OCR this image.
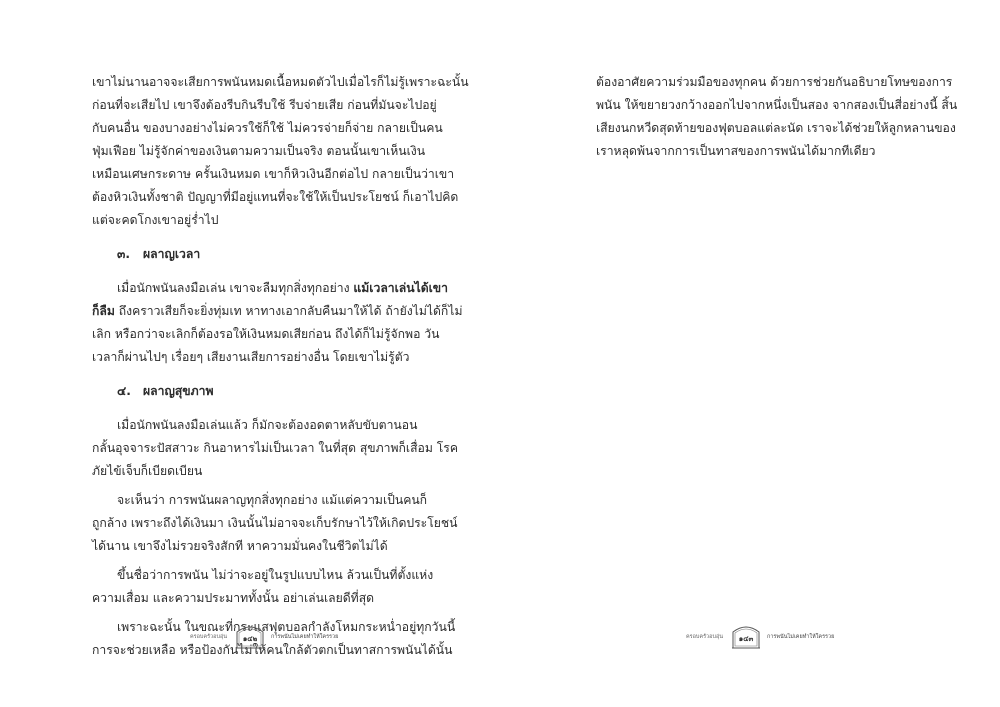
เขาไม่นานอาจจะเสียการพนันหมดเนื้อหมดตัวไปเมื่อไรก็ไม่รู้เพราะฉะนั้น
ก่อนที่จะเสียไป เขาจึงต้องรีบกินรีบใช้ รีบจ่ายเสีย ก่อนที่มันจะไปอยู่
กับคนอื่น ของบางอย่างไม่ควรใช้ก็ใช้ ไม่ควรจ่ายก็จ่าย กลายเป็นคน
ฟุ่มเฟือย ไม่รู้จักค่าของเงินตามความเป็นจริง ตอนนั้นเขาเห็นเงิน
เหมือนเศษกระดาษ ครั้นเงินหมด เขาก็หิวเงินอีกต่อไป กลายเป็นว่าเขา
ต้องหิวเงินทั้งชาติ ปัญญาที่มีอยู่แทนที่จะใช้ให้เป็นประโยชน์ ก็เอาไปคิด
แต่จะคดโกงเขาอยู่ร่ำไป
๓. ผลาญเวลา
เมื่อนักพนันลงมือเล่น เขาจะลืมทุกสิ่งทุกอย่าง แม้เวลาเล่นได้เขา
ก็ลืม ถึงคราวเสียก็จะยิ่งทุ่มเท หาทางเอากลับคืนมาให้ได้ ถ้ายังไม่ได้ก็ไม่
เลิก หรือกว่าจะเลิกก็ต้องรอให้เงินหมดเสียก่อน ถึงได้ก็ไม่รู้จักพอ วัน
เวลาก็ผ่านไปๆ เรื่อยๆ เสียงานเสียการอย่างอื่น โดยเขาไม่รู้ตัว
๔. ผลาญสุขภาพ
เมื่อนักพนันลงมือเล่นแล้ว ก็มักจะต้องอดตาหลับขับตานอน
กลั้นอุจจาระปัสสาวะ กินอาหารไม่เป็นเวลา ในที่สุด สุขภาพก็เสื่อม โรค
ภัยไข้เจ็บก็เบียดเบียน
จะเห็นว่า การพนันผลาญทุกสิ่งทุกอย่าง แม้แต่ความเป็นคนก็
ถูกล้าง เพราะถึงได้เงินมา เงินนั้นไม่อาจจะเก็บรักษาไว้ให้เกิดประโยชน์
ได้นาน เขาจึงไม่รวยจริงสักที หาความมั่นคงในชีวิตไม่ได้
ขึ้นชื่อว่าการพนัน ไม่ว่าจะอยู่ในรูปแบบไหน ล้วนเป็นที่ตั้งแห่ง
ความเสื่อม และความประมาททั้งนั้น อย่าเล่นเลยดีที่สุด
เพราะฉะนั้น ในขณะที่กระแสฟุตบอลกำลังโหมกระหน่ำอยู่ทุกวันนี้
การจะช่วยเหลือ หรือป้องกันไม่ให้คนใกล้ตัวตกเป็นทาสการพนันได้นั้น
ครอบครัวอบอุ่น	๑๔๒	การพนันไม่เคยทำให้ใครรวย
ต้องอาศัยความร่วมมือของทุกคน ด้วยการช่วยกันอธิบายโทษของการ
พนัน ให้ขยายวงกว้างออกไปจากหนึ่งเป็นสอง จากสองเป็นสี่อย่างนี้ สิ้น
เสียงนกหวีดสุดท้ายของฟุตบอลแต่ละนัด เราจะได้ช่วยให้ลูกหลานของ
เราหลุดพ้นจากการเป็นทาสของการพนันได้มากทีเดียว
ครอบครัวอบอุ่น	๑๔๓	การพนันไม่เคยทำให้ใครรวย
